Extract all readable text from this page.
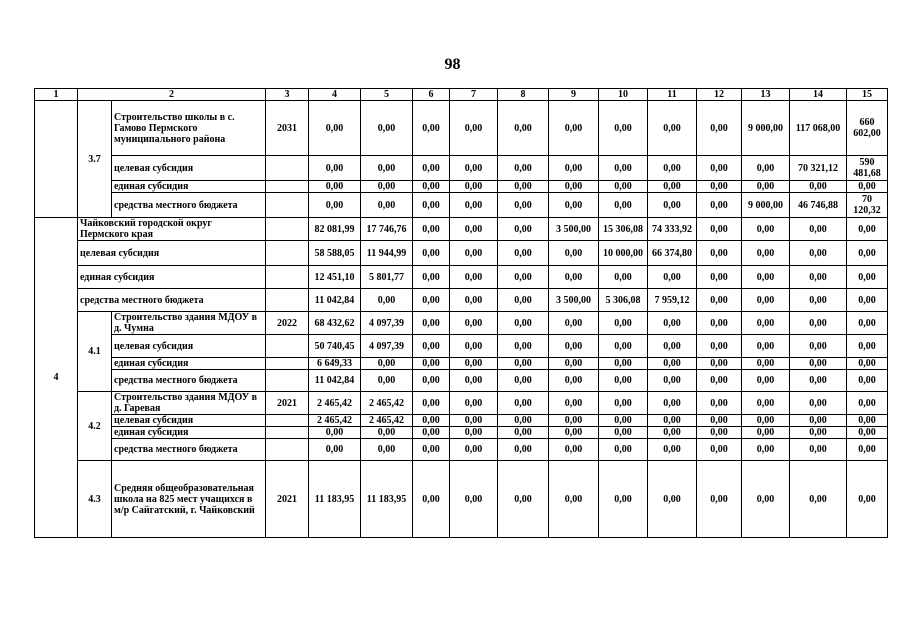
98
1	2		3	4	5	6	7	8	9	10	11	12	13	14	15
	3.7	Строительство школы в с. Гамово Пермского муниципального района	2031	0,00	0,00	0,00	0,00	0,00	0,00	0,00	0,00	0,00	9 000,00	117 068,00	660 602,00
		целевая субсидия		0,00	0,00	0,00	0,00	0,00	0,00	0,00	0,00	0,00	0,00	70 321,12	590 481,68
		единая субсидия		0,00	0,00	0,00	0,00	0,00	0,00	0,00	0,00	0,00	0,00	0,00	0,00
		средства местного бюджета		0,00	0,00	0,00	0,00	0,00	0,00	0,00	0,00	0,00	9 000,00	46 746,88	70 120,32
4	Чайковский городской округ Пермского края			82 081,99	17 746,76	0,00	0,00	0,00	3 500,00	15 306,08	74 333,92	0,00	0,00	0,00	0,00
	целевая субсидия			58 588,05	11 944,99	0,00	0,00	0,00	0,00	10 000,00	66 374,80	0,00	0,00	0,00	0,00
	единая субсидия			12 451,10	5 801,77	0,00	0,00	0,00	0,00	0,00	0,00	0,00	0,00	0,00	0,00
	средства местного бюджета			11 042,84	0,00	0,00	0,00	0,00	3 500,00	5 306,08	7 959,12	0,00	0,00	0,00	0,00
	4.1	Строительство здания МДОУ в д. Чумна	2022	68 432,62	4 097,39	0,00	0,00	0,00	0,00	0,00	0,00	0,00	0,00	0,00	0,00
		целевая субсидия		50 740,45	4 097,39	0,00	0,00	0,00	0,00	0,00	0,00	0,00	0,00	0,00	0,00
		единая субсидия		6 649,33	0,00	0,00	0,00	0,00	0,00	0,00	0,00	0,00	0,00	0,00	0,00
		средства местного бюджета		11 042,84	0,00	0,00	0,00	0,00	0,00	0,00	0,00	0,00	0,00	0,00	0,00
	4.2	Строительство здания МДОУ в д. Гаревая	2021	2 465,42	2 465,42	0,00	0,00	0,00	0,00	0,00	0,00	0,00	0,00	0,00	0,00
		целевая субсидия		2 465,42	2 465,42	0,00	0,00	0,00	0,00	0,00	0,00	0,00	0,00	0,00	0,00
		единая субсидия		0,00	0,00	0,00	0,00	0,00	0,00	0,00	0,00	0,00	0,00	0,00	0,00
		средства местного бюджета		0,00	0,00	0,00	0,00	0,00	0,00	0,00	0,00	0,00	0,00	0,00	0,00
	4.3	Средняя общеобразовательная школа на 825 мест учащихся в м/р Сайгатский, г. Чайковский	2021	11 183,95	11 183,95	0,00	0,00	0,00	0,00	0,00	0,00	0,00	0,00	0,00	0,00
